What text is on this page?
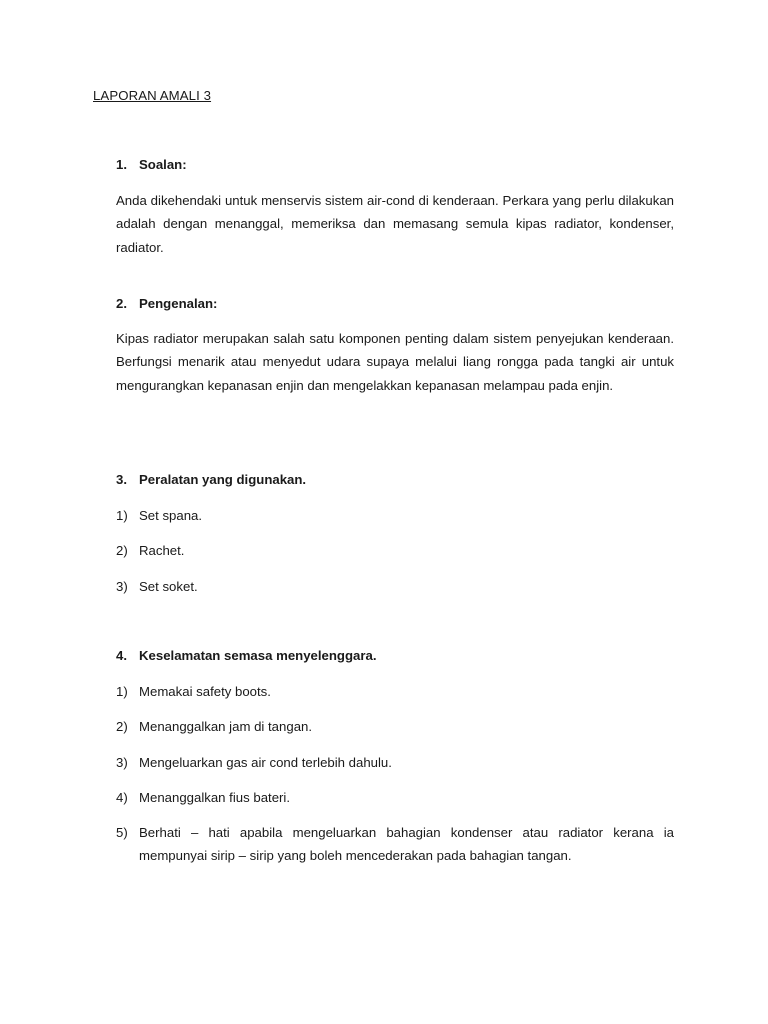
LAPORAN AMALI 3
1. Soalan:
Anda dikehendaki untuk menservis sistem air-cond di kenderaan. Perkara yang perlu dilakukan adalah dengan menanggal, memeriksa dan memasang semula kipas radiator, kondenser, radiator.
2. Pengenalan:
Kipas radiator merupakan salah satu komponen penting dalam sistem penyejukan kenderaan. Berfungsi menarik atau menyedut udara supaya melalui liang rongga pada tangki air untuk mengurangkan kepanasan enjin dan mengelakkan kepanasan melampau pada enjin.
3. Peralatan yang digunakan.
1) Set spana.
2) Rachet.
3) Set soket.
4. Keselamatan semasa menyelenggara.
1) Memakai safety boots.
2) Menanggalkan jam di tangan.
3) Mengeluarkan gas air cond terlebih dahulu.
4) Menanggalkan fius bateri.
5) Berhati – hati apabila mengeluarkan bahagian kondenser atau radiator kerana ia mempunyai sirip – sirip yang boleh mencederakan pada bahagian tangan.
